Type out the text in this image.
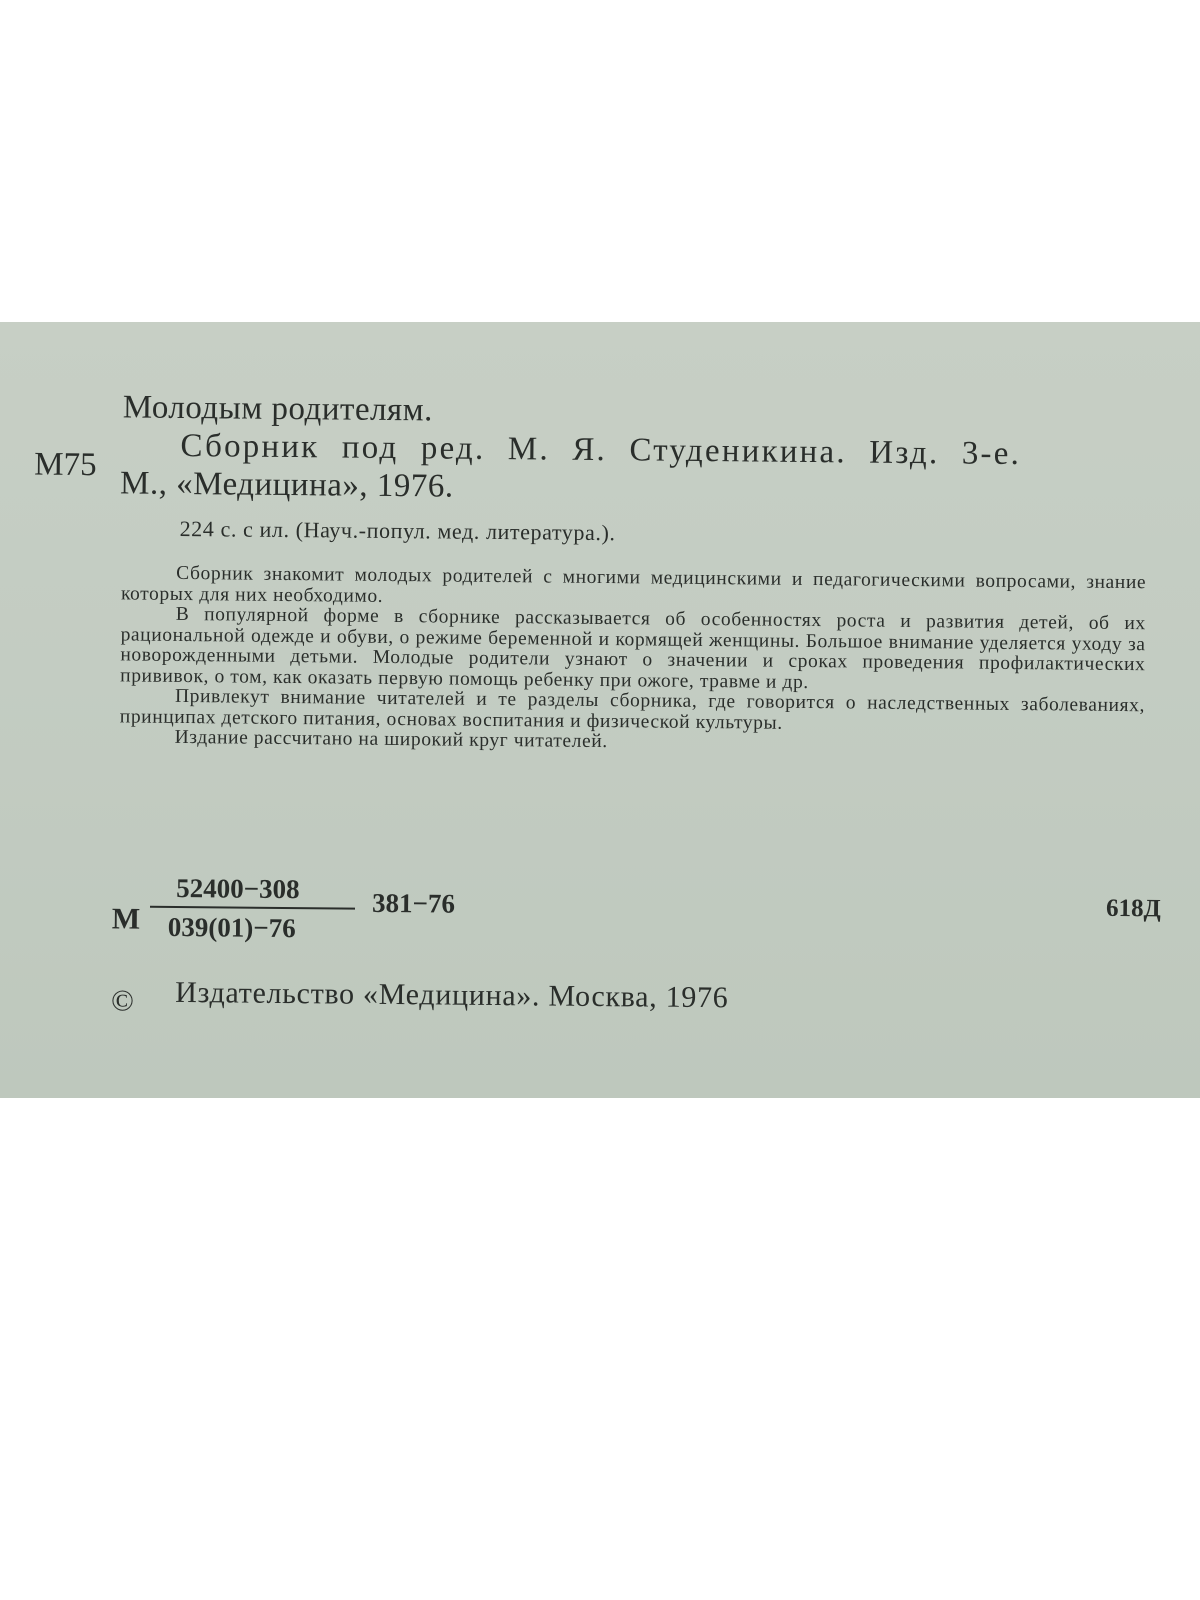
Молодым родителям.
М75	Сборник под ред. М. Я. Студеникина. Изд. 3-е.
М., «Медицина», 1976.
224 с. с ил. (Науч.-попул. мед. литература.).

Сборник знакомит молодых родителей с многими медицинскими и педагогическими вопросами, знание которых для них необходимо.

В популярной форме в сборнике рассказывается об особенностях роста и развития детей, об их рациональной одежде и обуви, о режиме беременной и кормящей женщины. Большое внимание уделяется уходу за новорожденными детьми. Молодые родители узнают о значении и сроках проведения профилактических прививок, о том, как оказать первую помощь ребенку при ожоге, травме и др.

Привлекут внимание читателей и те разделы сборника, где говорится о наследственных заболеваниях, принципах детского питания, основах воспитания и физической культуры.

Издание рассчитано на широкий круг читателей.

М
52400−308
039(01)−76
381−76	618Д
© Издательство «Медицина». Москва, 1976
